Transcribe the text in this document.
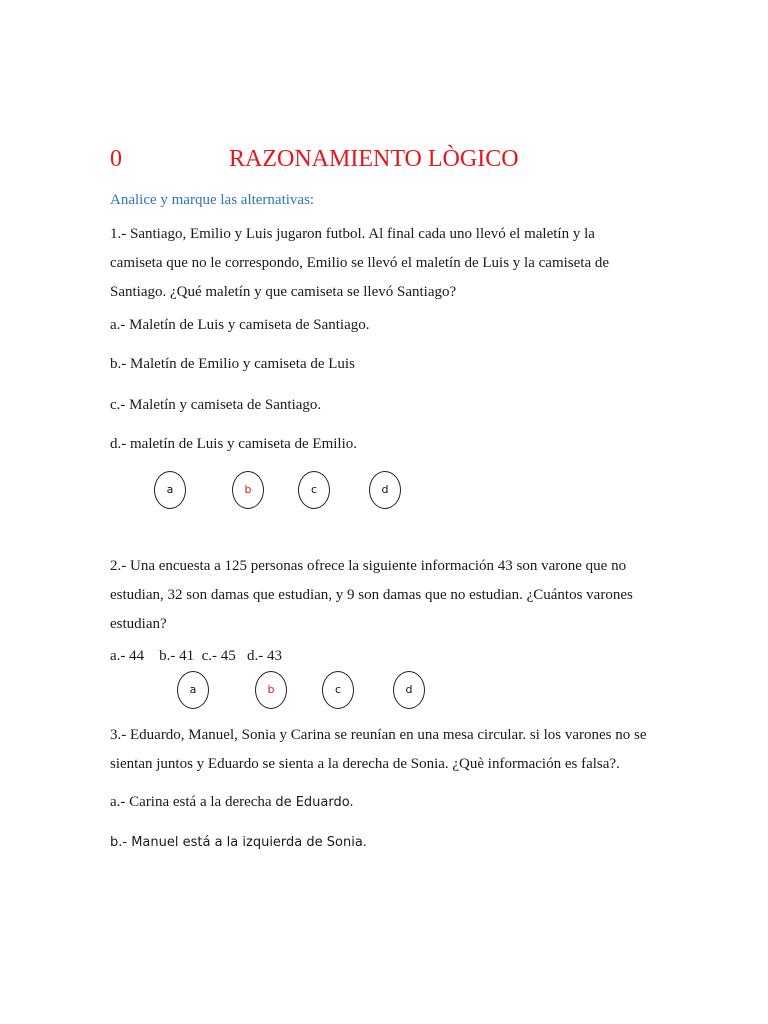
0	RAZONAMIENTO LÒGICO
Analice y marque las alternativas:
1.- Santiago, Emilio y Luis jugaron futbol. Al final cada uno llevó el maletín y la camiseta que no le correspondo, Emilio se llevó el maletín de Luis y la camiseta de Santiago. ¿Qué maletín y que camiseta se llevó Santiago?
a.- Maletín de Luis y camiseta de Santiago.
b.- Maletín de Emilio y camiseta de Luis
c.- Maletín y camiseta de Santiago.
d.- maletín de Luis y camiseta de Emilio.
a	b	c	d
2.- Una encuesta a 125 personas ofrece la siguiente información 43 son varone que no estudian, 32 son damas que estudian, y 9 son damas que no estudian. ¿Cuántos varones estudian?
a.- 44    b.- 41  c.- 45   d.- 43
a	b	c	d
3.- Eduardo, Manuel, Sonia y Carina se reunían en una mesa circular. si los varones no se sientan juntos y Eduardo se sienta a la derecha de Sonia. ¿Què información es falsa?.
a.- Carina está a la derecha de Eduardo.
b.- Manuel está a la izquierda de Sonia.
